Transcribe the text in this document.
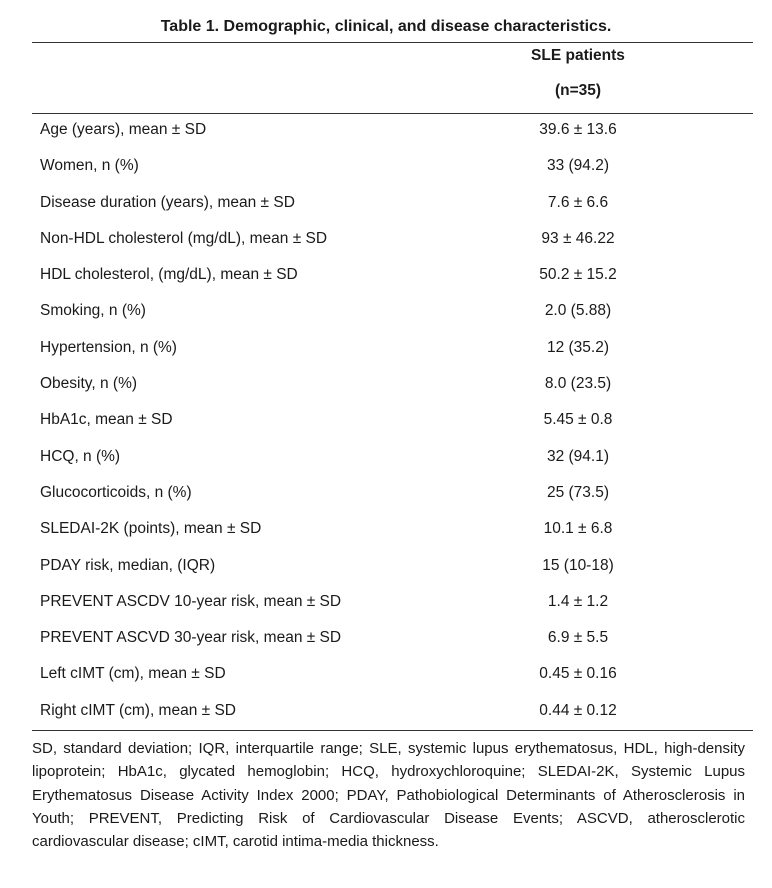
Table 1. Demographic, clinical, and disease characteristics.
SLE patients
(n=35)
Age (years), mean ± SD	39.6 ± 13.6
Women, n (%)	33 (94.2)
Disease duration (years), mean ± SD	7.6 ± 6.6
Non-HDL cholesterol (mg/dL), mean ± SD	93 ± 46.22
HDL cholesterol, (mg/dL), mean ± SD	50.2 ± 15.2
Smoking, n (%)	2.0 (5.88)
Hypertension, n (%)	12 (35.2)
Obesity, n (%)	8.0 (23.5)
HbA1c, mean ± SD	5.45 ± 0.8
HCQ, n (%)	32 (94.1)
Glucocorticoids, n (%)	25 (73.5)
SLEDAI-2K (points), mean ± SD	10.1 ± 6.8
PDAY risk, median, (IQR)	15 (10-18)
PREVENT ASCDV 10-year risk, mean ± SD	1.4 ± 1.2
PREVENT ASCVD 30-year risk, mean ± SD	6.9 ± 5.5
Left cIMT (cm), mean ± SD	0.45 ± 0.16
Right cIMT (cm), mean ± SD	0.44 ± 0.12
SD, standard deviation; IQR, interquartile range; SLE, systemic lupus erythematosus, HDL, high-density lipoprotein; HbA1c, glycated hemoglobin; HCQ, hydroxychloroquine; SLEDAI-2K, Systemic Lupus Erythematosus Disease Activity Index 2000; PDAY, Pathobiological Determinants of Atherosclerosis in Youth; PREVENT, Predicting Risk of Cardiovascular Disease Events; ASCVD, atherosclerotic cardiovascular disease; cIMT, carotid intima-media thickness.
